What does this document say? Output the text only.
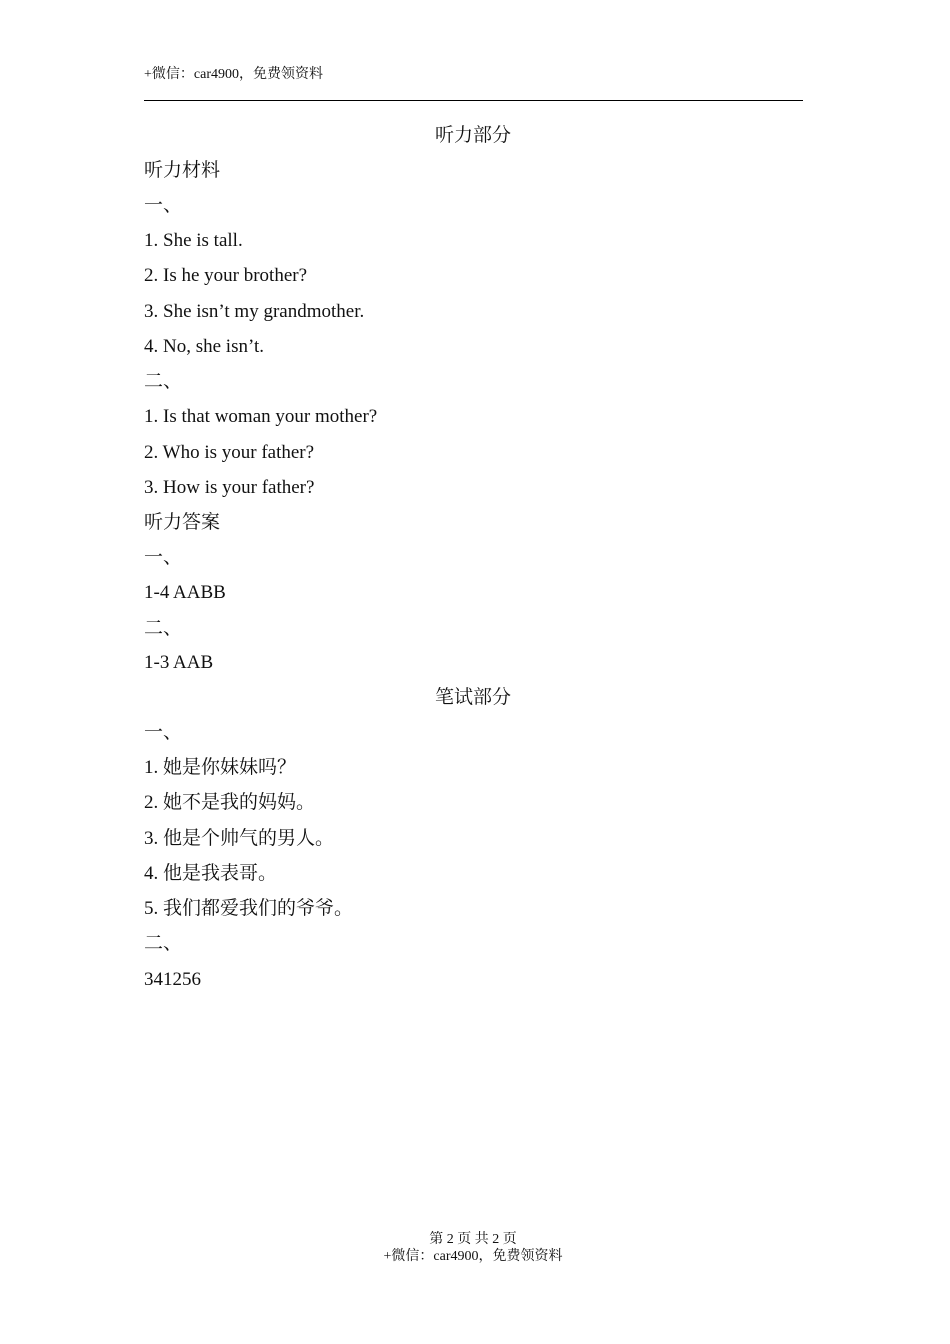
+微信：car4900，免费领资料
听力部分
听力材料
一、
1. She is tall.
2. Is he your brother?
3. She isn’t my grandmother.
4. No, she isn’t.
二、
1. Is that woman your mother?
2. Who is your father?
3. How is your father?
听力答案
一、
1-4 AABB
二、
1-3 AAB
笔试部分
一、
1. 她是你妹妹吗？
2. 她不是我的妈妈。
3. 他是个帅气的男人。
4. 他是我表哥。
5. 我们都爱我们的爷爷。
二、
341256
第 2 页 共 2 页
+微信：car4900，免费领资料
